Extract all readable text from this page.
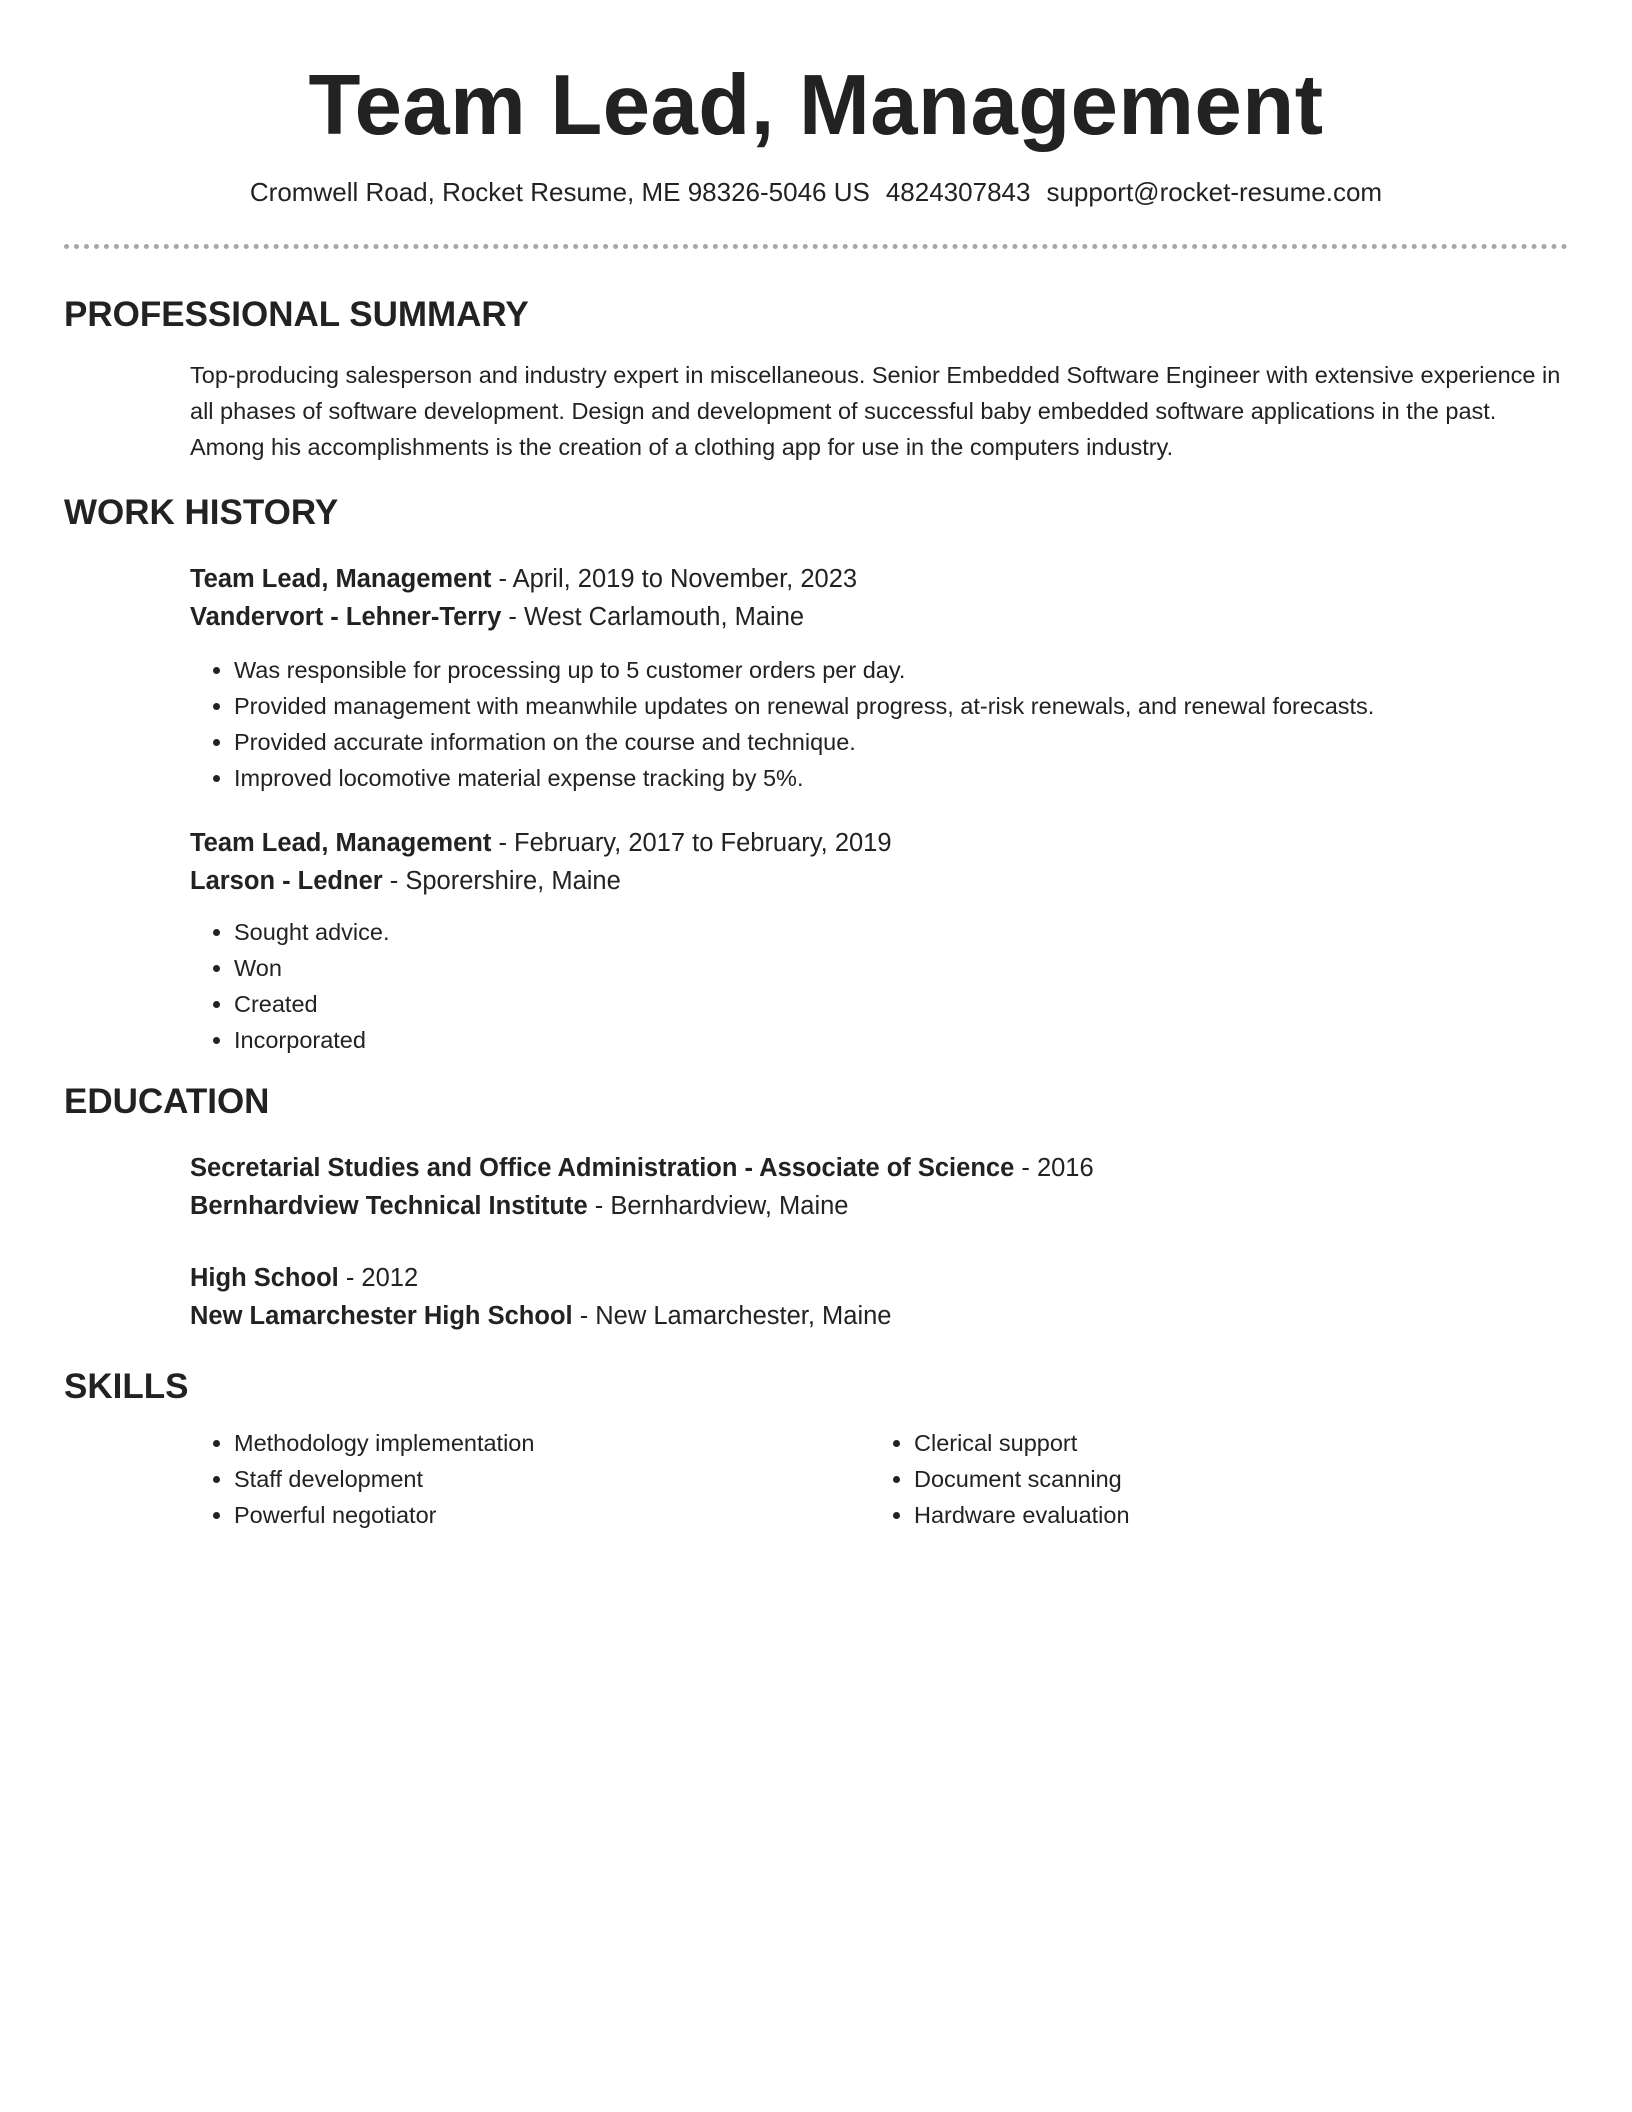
Team Lead, Management
Cromwell Road, Rocket Resume, ME 98326-5046 US 4824307843 support@rocket-resume.com
PROFESSIONAL SUMMARY
Top-producing salesperson and industry expert in miscellaneous. Senior Embedded Software Engineer with extensive experience in all phases of software development. Design and development of successful baby embedded software applications in the past. Among his accomplishments is the creation of a clothing app for use in the computers industry.
WORK HISTORY
Team Lead, Management - April, 2019 to November, 2023
Vandervort - Lehner-Terry - West Carlamouth, Maine
• Was responsible for processing up to 5 customer orders per day.
• Provided management with meanwhile updates on renewal progress, at-risk renewals, and renewal forecasts.
• Provided accurate information on the course and technique.
• Improved locomotive material expense tracking by 5%.
Team Lead, Management - February, 2017 to February, 2019
Larson - Ledner - Sporershire, Maine
• Sought advice.
• Won
• Created
• Incorporated
EDUCATION
Secretarial Studies and Office Administration - Associate of Science - 2016
Bernhardview Technical Institute - Bernhardview, Maine
High School - 2012
New Lamarchester High School - New Lamarchester, Maine
SKILLS
• Methodology implementation
• Staff development
• Powerful negotiator
• Clerical support
• Document scanning
• Hardware evaluation
